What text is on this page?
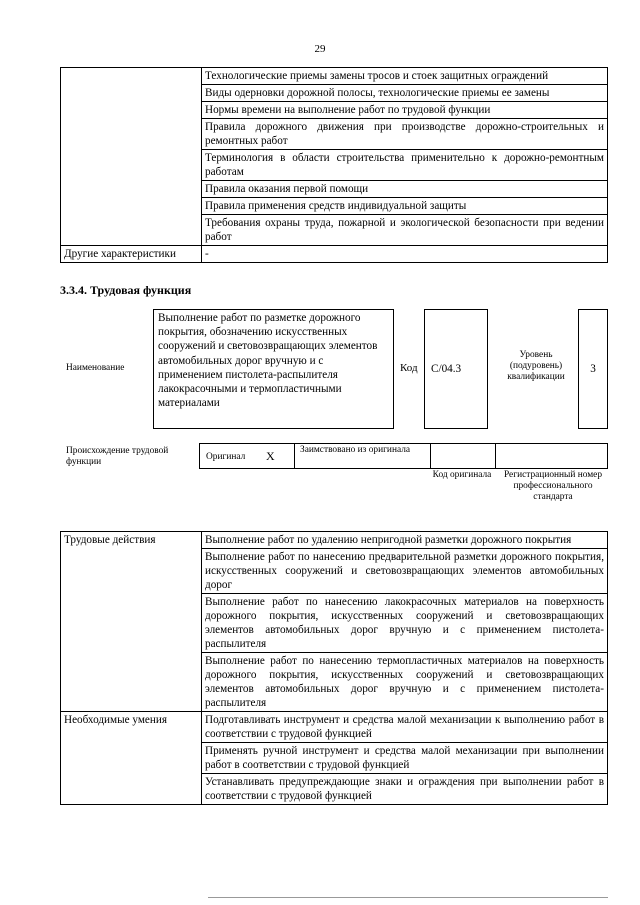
29
	Технологические приемы замены тросов и стоек защитных ограждений
	Виды одерновки дорожной полосы, технологические приемы ее замены
	Нормы времени на выполнение работ по трудовой функции
	Правила дорожного движения при производстве дорожно-строительных и ремонтных работ
	Терминология в области строительства применительно к дорожно-ремонтным работам
	Правила оказания первой помощи
	Правила применения средств индивидуальной защиты
	Требования охраны труда, пожарной и экологической безопасности при ведении работ
Другие характеристики	-
3.3.4. Трудовая функция
Наименование
Выполнение работ по разметке дорожного покрытия, обозначению искусственных сооружений и световозвращающих элементов автомобильных дорог вручную и с применением пистолета-распылителя лакокрасочными и термопластичными материалами
Код	C/04.3
Уровень (подуровень) квалификации
3
Происхождение трудовой функции	Оригинал X	Заимствовано из оригинала
Код оригинала	Регистрационный номер профессионального стандарта
Трудовые действия	Выполнение работ по удалению непригодной разметки дорожного покрытия
	Выполнение работ по нанесению предварительной разметки дорожного покрытия, искусственных сооружений и световозвращающих элементов автомобильных дорог
	Выполнение работ по нанесению лакокрасочных материалов на поверхность дорожного покрытия, искусственных сооружений и световозвращающих элементов автомобильных дорог вручную и с применением пистолета-распылителя
	Выполнение работ по нанесению термопластичных материалов на поверхность дорожного покрытия, искусственных сооружений и световозвращающих элементов автомобильных дорог вручную и с применением пистолета-распылителя
Необходимые умения	Подготавливать инструмент и средства малой механизации к выполнению работ в соответствии с трудовой функцией
	Применять ручной инструмент и средства малой механизации при выполнении работ в соответствии с трудовой функцией
	Устанавливать предупреждающие знаки и ограждения при выполнении работ в соответствии с трудовой функцией
